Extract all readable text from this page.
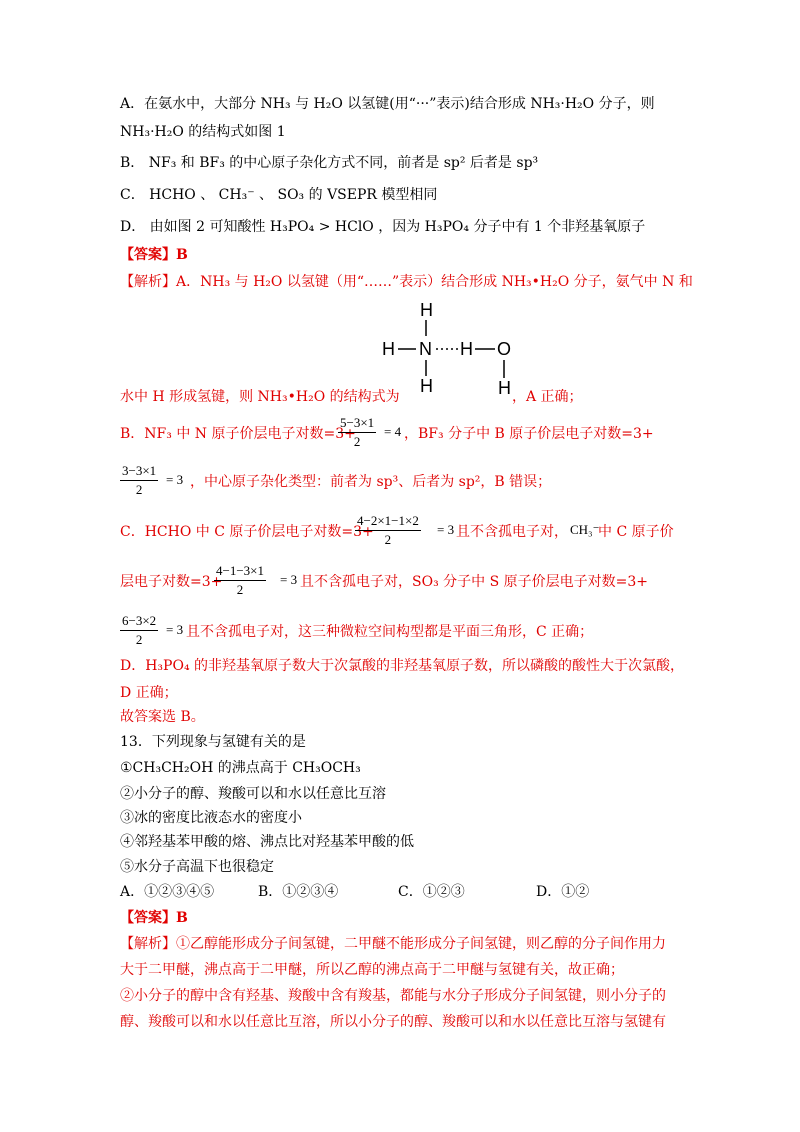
A．在氨水中，大部分 NH₃ 与 H₂O 以氢键(用“···”表示)结合形成 NH₃·H₂O 分子，则
NH₃·H₂O 的结构式如图 1
B． NF₃ 和 BF₃ 的中心原子杂化方式不同，前者是 sp² 后者是 sp³
C． HCHO 、 CH₃⁻ 、 SO₃ 的 VSEPR 模型相同
D． 由如图 2 可知酸性 H₃PO₄ > HClO ，因为 H₃PO₄ 分子中有 1 个非羟基氧原子
【答案】B
【解析】A．NH₃ 与 H₂O 以氢键（用“……”表示）结合形成 NH₃•H₂O 分子，氨气中 N 和
H
H N H O
H	H
水中 H 形成氢键，则 NH₃•H₂O 的结构式为	，A 正确；
B．NF₃ 中 N 原子价层电子对数=3+
$\frac{5-3\times 1}{2} = 4$ ，BF₃ 分子中 B 原子价层电子对数=3+
$\frac{3-3\times 1}{2} = 3$ ，中心原子杂化类型：前者为 sp³、后者为 sp²，B 错误；
C．HCHO 中 C 原子价层电子对数=3+
$\frac{4-2\times 1-1\times 2}{2} = 3$ 且不含孤电子对， CH₃⁻
中 C 原子价
层电子对数=3+
$\frac{4-1-3\times 1}{2} = 3$ 且不含孤电子对，SO₃ 分子中 S 原子价层电子对数=3+
$\frac{6-3\times 2}{2} = 3$ 且不含孤电子对，这三种微粒空间构型都是平面三角形，C 正确；
D．H₃PO₄ 的非羟基氧原子数大于次氯酸的非羟基氧原子数，所以磷酸的酸性大于次氯酸，
D 正确；
故答案选 B。
13．下列现象与氢键有关的是
①CH₃CH₂OH 的沸点高于 CH₃OCH₃
②小分子的醇、羧酸可以和水以任意比互溶
③冰的密度比液态水的密度小
④邻羟基苯甲酸的熔、沸点比对羟基苯甲酸的低
⑤水分子高温下也很稳定
A．①②③④⑤	B．①②③④	C．①②③	D．①②
【答案】B
【解析】①乙醇能形成分子间氢键，二甲醚不能形成分子间氢键，则乙醇的分子间作用力
大于二甲醚，沸点高于二甲醚，所以乙醇的沸点高于二甲醚与氢键有关，故正确；
②小分子的醇中含有羟基、羧酸中含有羧基，都能与水分子形成分子间氢键，则小分子的
醇、羧酸可以和水以任意比互溶，所以小分子的醇、羧酸可以和水以任意比互溶与氢键有
